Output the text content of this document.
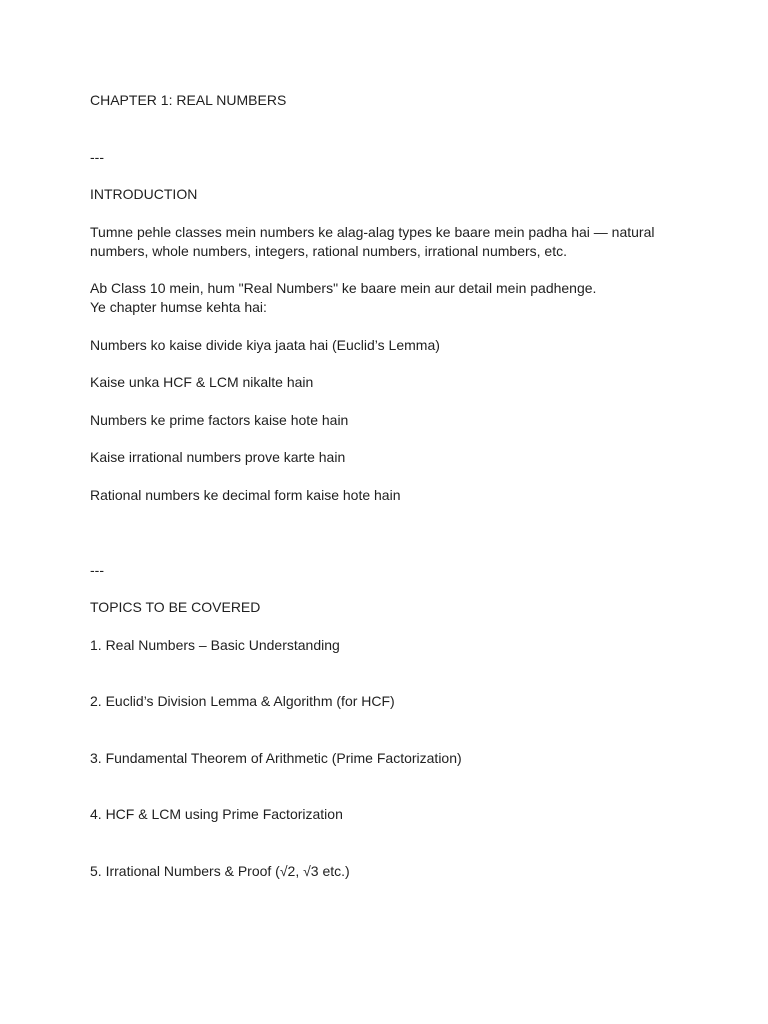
CHAPTER 1: REAL NUMBERS
---
INTRODUCTION
Tumne pehle classes mein numbers ke alag-alag types ke baare mein padha hai — natural numbers, whole numbers, integers, rational numbers, irrational numbers, etc.
Ab Class 10 mein, hum "Real Numbers" ke baare mein aur detail mein padhenge.
Ye chapter humse kehta hai:
Numbers ko kaise divide kiya jaata hai (Euclid’s Lemma)
Kaise unka HCF & LCM nikalte hain
Numbers ke prime factors kaise hote hain
Kaise irrational numbers prove karte hain
Rational numbers ke decimal form kaise hote hain
---
TOPICS TO BE COVERED
1. Real Numbers – Basic Understanding
2. Euclid’s Division Lemma & Algorithm (for HCF)
3. Fundamental Theorem of Arithmetic (Prime Factorization)
4. HCF & LCM using Prime Factorization
5. Irrational Numbers & Proof (√2, √3 etc.)
